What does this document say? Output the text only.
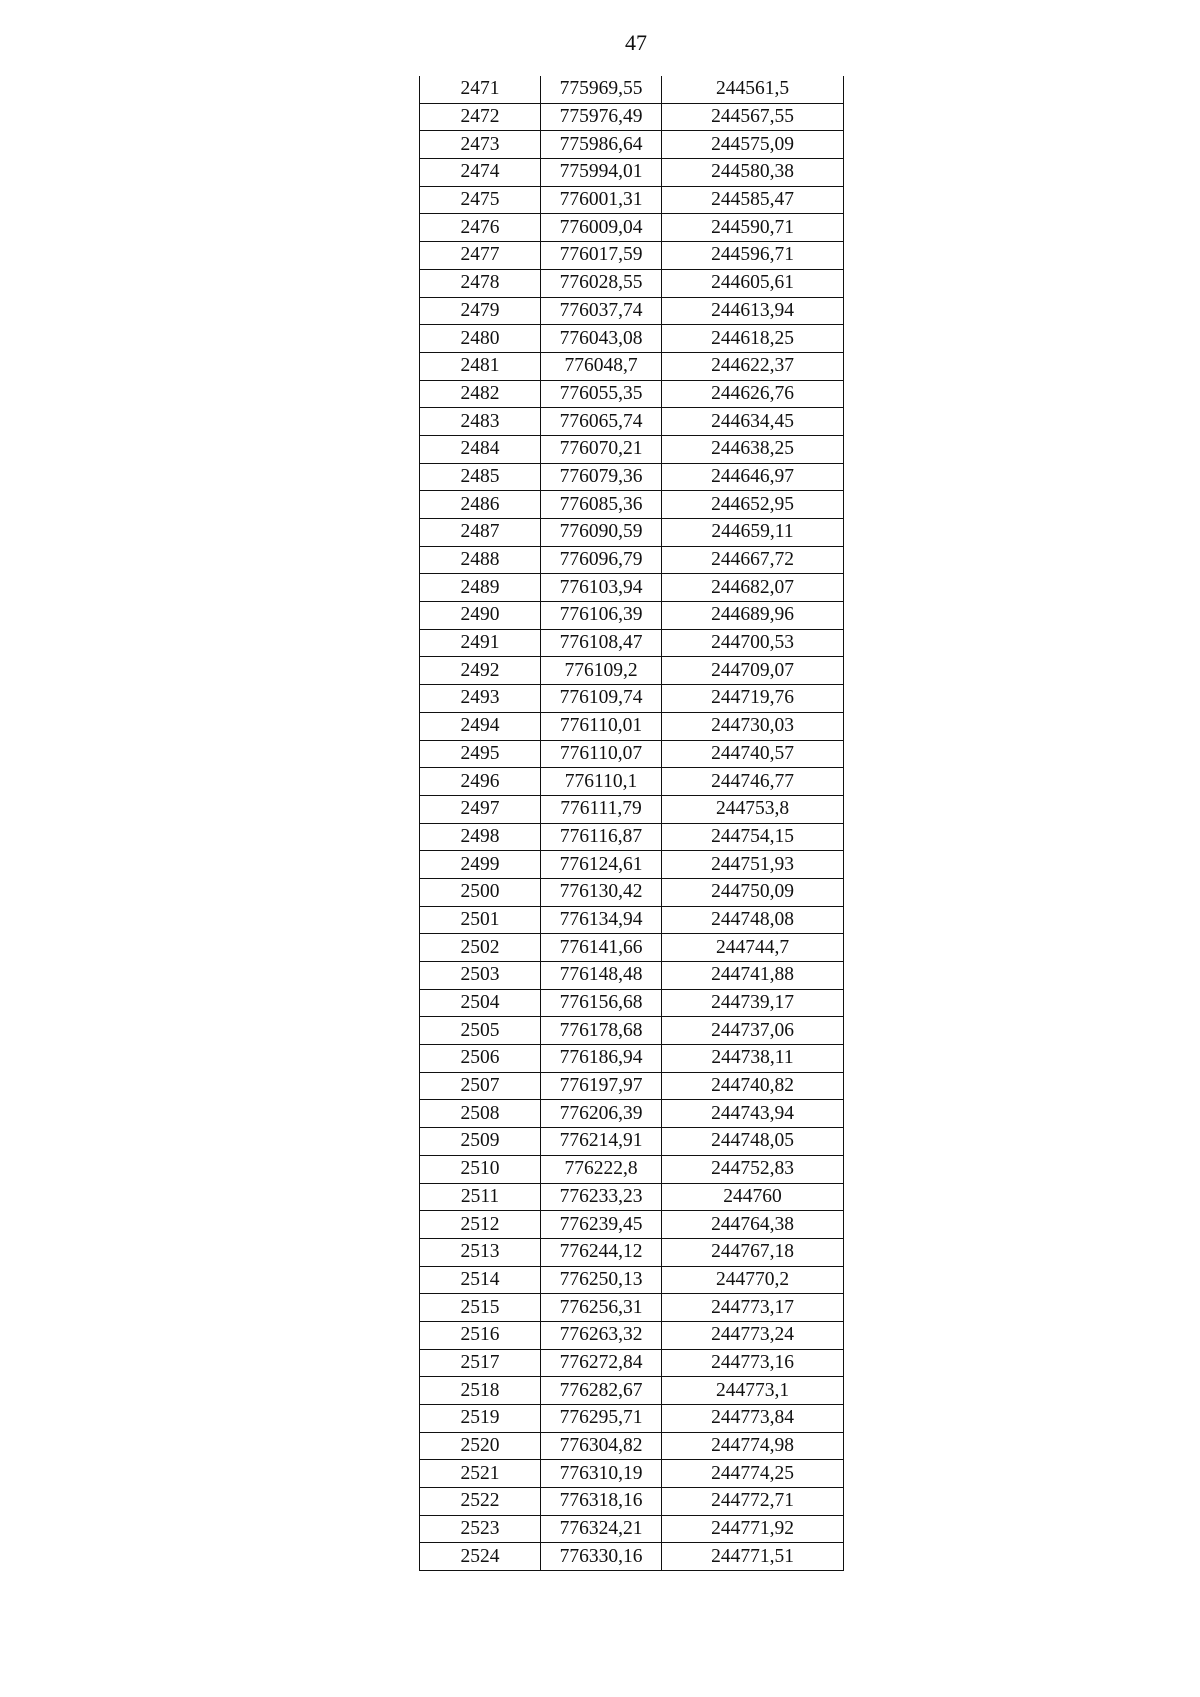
47
2471	775969,55	244561,5
2472	775976,49	244567,55
2473	775986,64	244575,09
2474	775994,01	244580,38
2475	776001,31	244585,47
2476	776009,04	244590,71
2477	776017,59	244596,71
2478	776028,55	244605,61
2479	776037,74	244613,94
2480	776043,08	244618,25
2481	776048,7	244622,37
2482	776055,35	244626,76
2483	776065,74	244634,45
2484	776070,21	244638,25
2485	776079,36	244646,97
2486	776085,36	244652,95
2487	776090,59	244659,11
2488	776096,79	244667,72
2489	776103,94	244682,07
2490	776106,39	244689,96
2491	776108,47	244700,53
2492	776109,2	244709,07
2493	776109,74	244719,76
2494	776110,01	244730,03
2495	776110,07	244740,57
2496	776110,1	244746,77
2497	776111,79	244753,8
2498	776116,87	244754,15
2499	776124,61	244751,93
2500	776130,42	244750,09
2501	776134,94	244748,08
2502	776141,66	244744,7
2503	776148,48	244741,88
2504	776156,68	244739,17
2505	776178,68	244737,06
2506	776186,94	244738,11
2507	776197,97	244740,82
2508	776206,39	244743,94
2509	776214,91	244748,05
2510	776222,8	244752,83
2511	776233,23	244760
2512	776239,45	244764,38
2513	776244,12	244767,18
2514	776250,13	244770,2
2515	776256,31	244773,17
2516	776263,32	244773,24
2517	776272,84	244773,16
2518	776282,67	244773,1
2519	776295,71	244773,84
2520	776304,82	244774,98
2521	776310,19	244774,25
2522	776318,16	244772,71
2523	776324,21	244771,92
2524	776330,16	244771,51
